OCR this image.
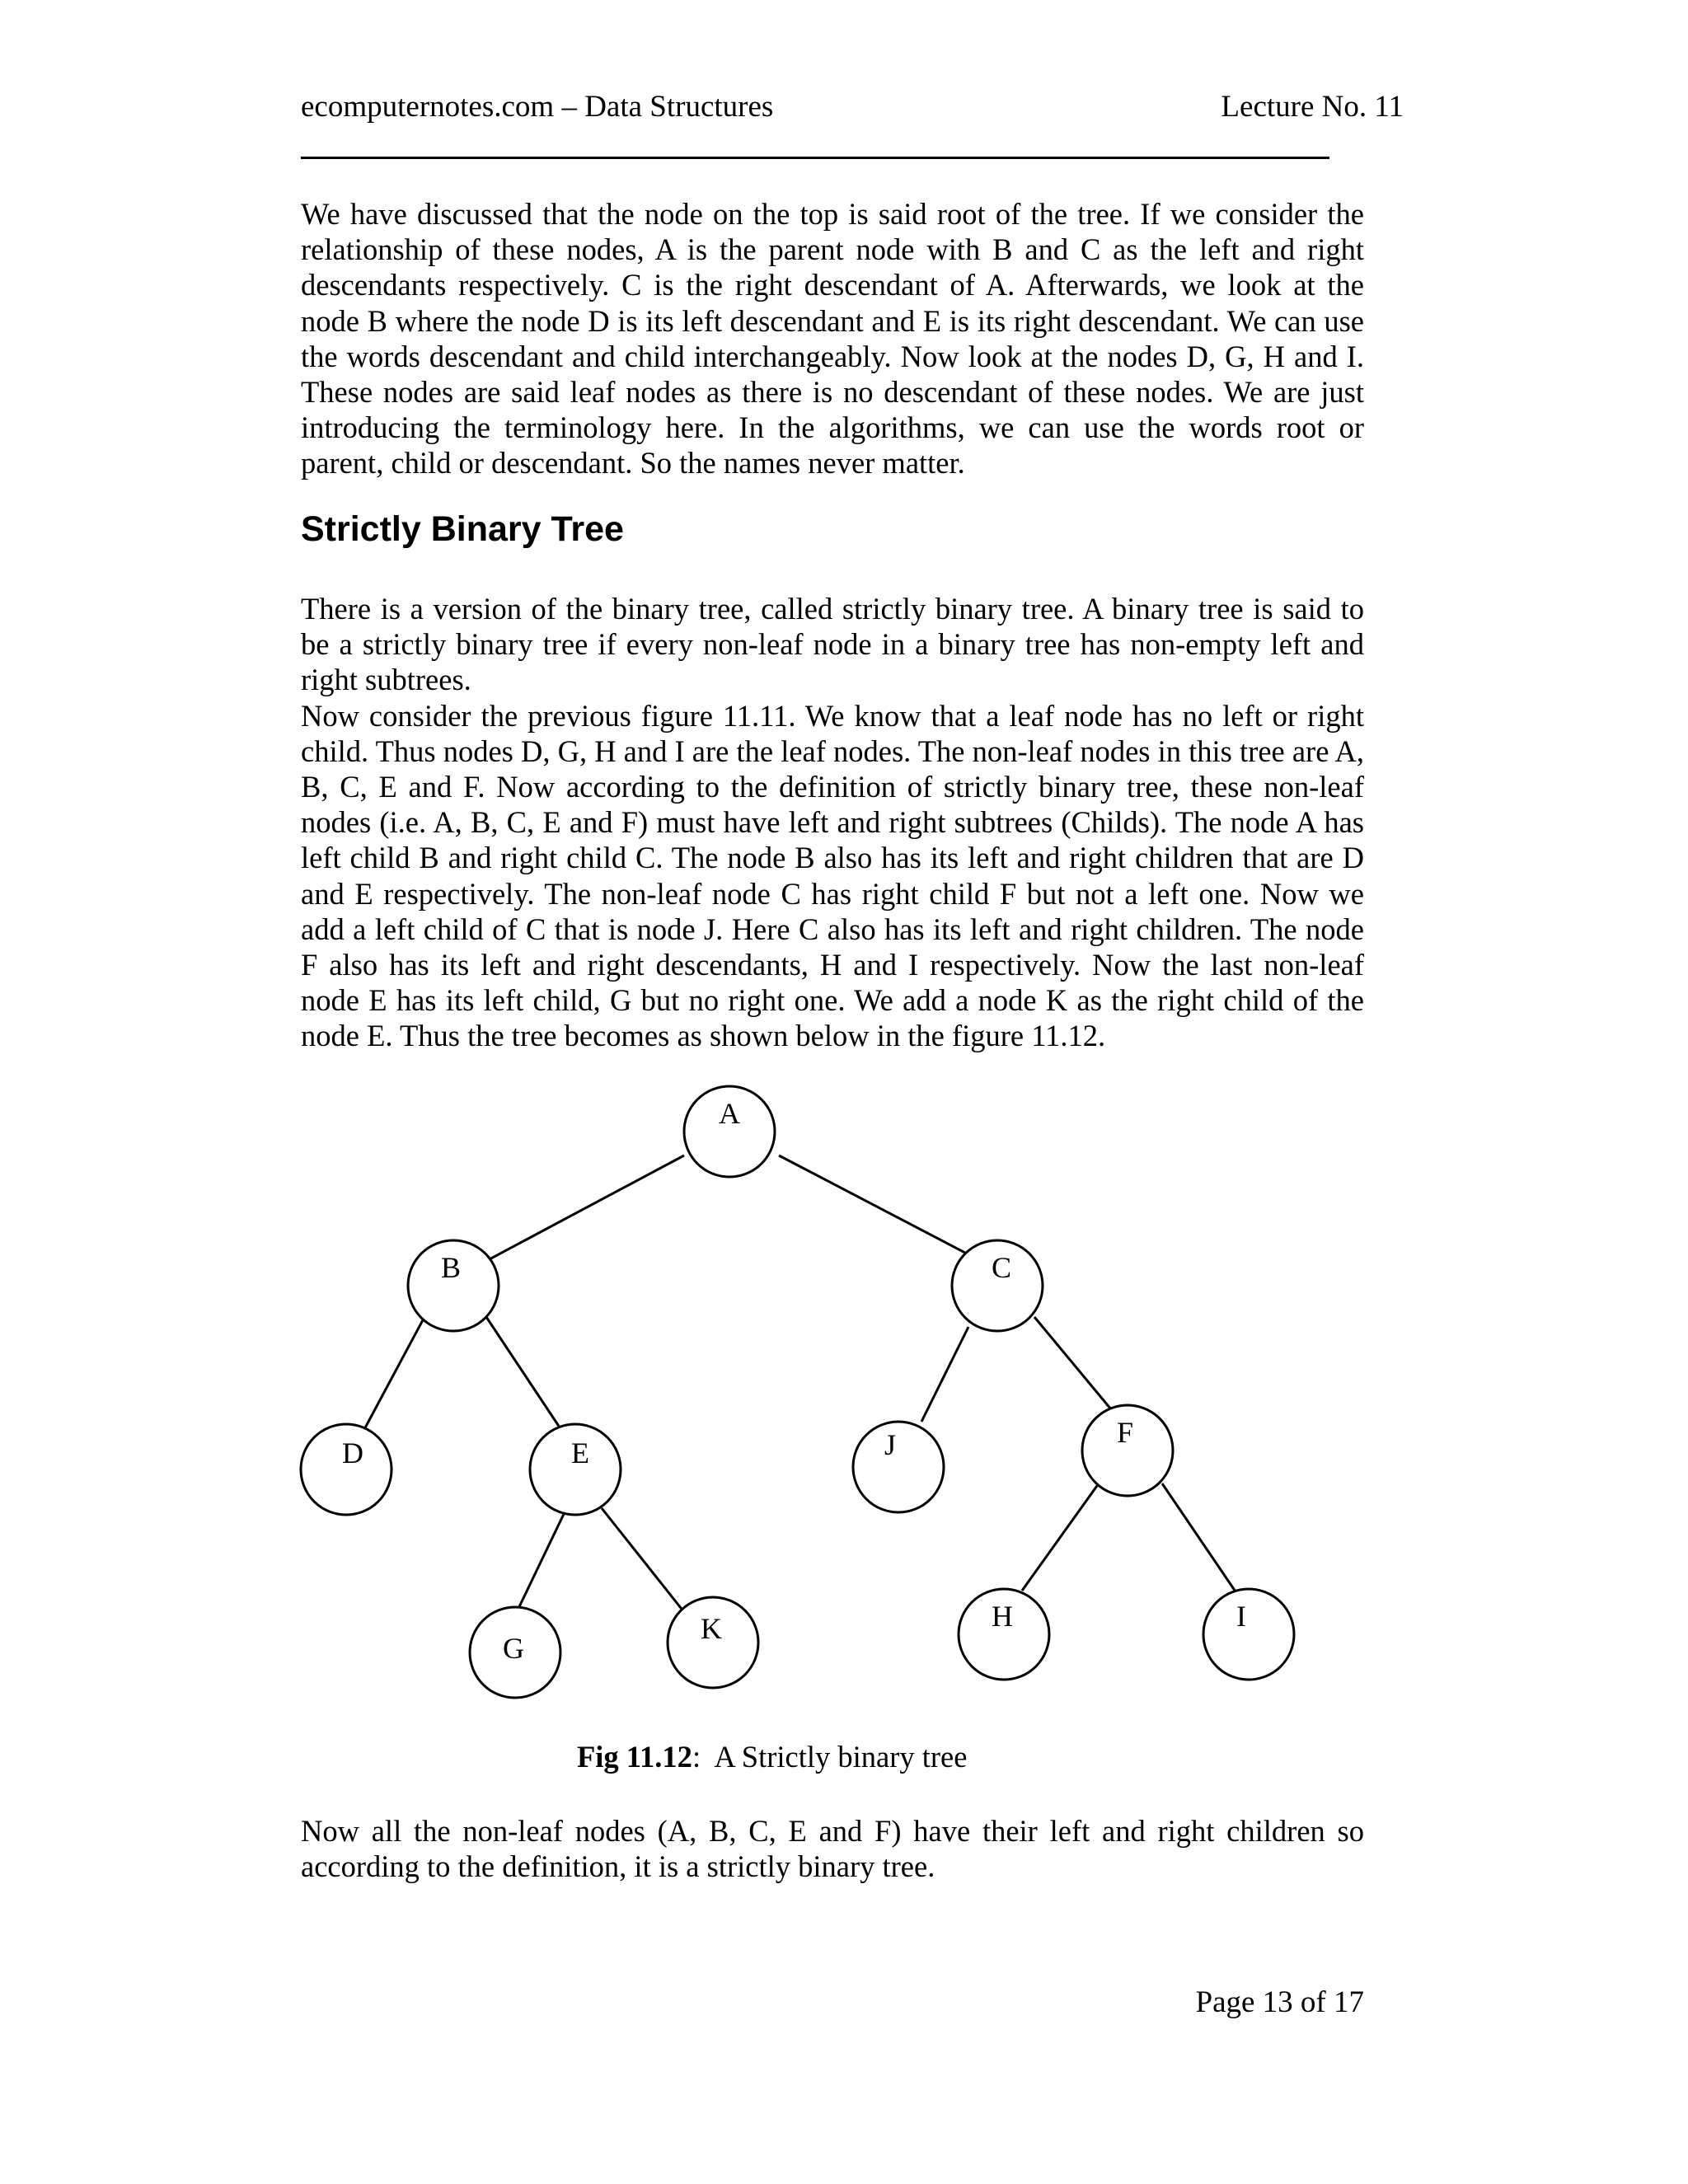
ecomputernotes.com – Data Structures	Lecture No. 11

We have discussed that the node on the top is said root of the tree. If we consider the relationship of these nodes, A is the parent node with B and C as the left and right descendants respectively. C is the right descendant of A. Afterwards, we look at the node B where the node D is its left descendant and E is its right descendant. We can use the words descendant and child interchangeably. Now look at the nodes D, G, H and I. These nodes are said leaf nodes as there is no descendant of these nodes. We are just introducing the terminology here. In the algorithms, we can use the words root or parent, child or descendant. So the names never matter.

Strictly Binary Tree
There is a version of the binary tree, called strictly binary tree. A binary tree is said to be a strictly binary tree if every non-leaf node in a binary tree has non-empty left and right subtrees.
Now consider the previous figure 11.11. We know that a leaf node has no left or right child. Thus nodes D, G, H and I are the leaf nodes. The non-leaf nodes in this tree are A, B, C, E and F. Now according to the definition of strictly binary tree, these non-leaf nodes (i.e. A, B, C, E and F) must have left and right subtrees (Childs). The node A has left child B and right child C. The node B also has its left and right children that are D and E respectively. The non-leaf node C has right child F but not a left one. Now we add a left child of C that is node J. Here C also has its left and right children. The node F also has its left and right descendants, H and I respectively. Now the last non-leaf node E has its left child, G but no right one. We add a node K as the right child of the node E. Thus the tree becomes as shown below in the figure 11.12.
A
B	C
D	E	J	F
G
K	H	I
Fig 11.12:  A Strictly binary tree

Now all the non-leaf nodes (A, B, C, E and F) have their left and right children so according to the definition, it is a strictly binary tree.

Page 13 of 17
